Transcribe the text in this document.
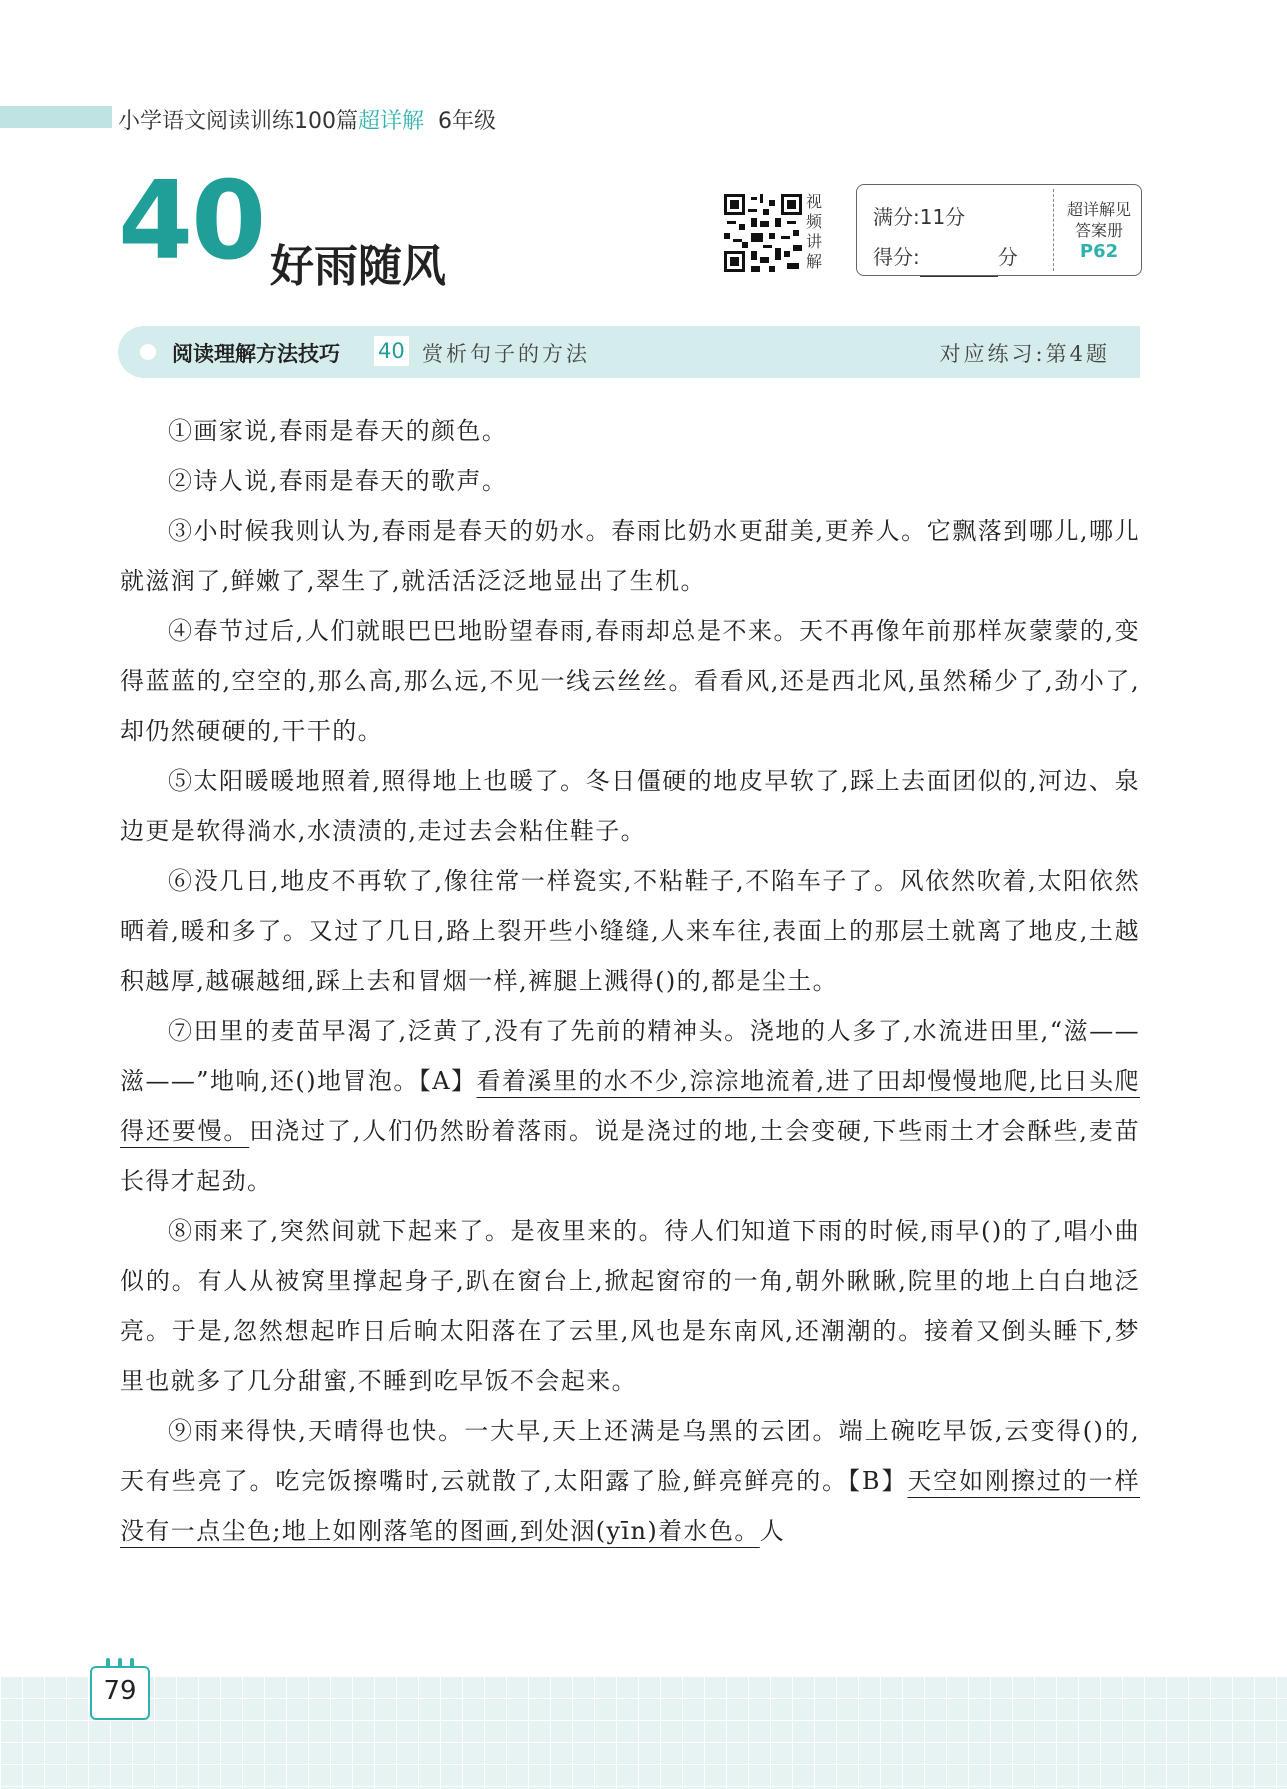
小学语文阅读训练100篇超详解 6年级
40 好雨随风
视
频
讲
解
满分:11分
得分:	分
超详解见
答案册
P62
阅读理解方法技巧 40 赏析句子的方法	对应练习:第4题

①画家说,春雨是春天的颜色。

②诗人说,春雨是春天的歌声。

③小时候我则认为,春雨是春天的奶水。春雨比奶水更甜美,更养人。它飘落到哪儿,哪儿就滋润了,鲜嫩了,翠生了,就活活泛泛地显出了生机。

④春节过后,人们就眼巴巴地盼望春雨,春雨却总是不来。天不再像年前那样灰蒙蒙的,变得蓝蓝的,空空的,那么高,那么远,不见一线云丝丝。看看风,还是西北风,虽然稀少了,劲小了,却仍然硬硬的,干干的。

⑤太阳暖暖地照着,照得地上也暖了。冬日僵硬的地皮早软了,踩上去面团似的,河边、泉边更是软得淌水,水渍渍的,走过去会粘住鞋子。

⑥没几日,地皮不再软了,像往常一样瓷实,不粘鞋子,不陷车子了。风依然吹着,太阳依然晒着,暖和多了。又过了几日,路上裂开些小缝缝,人来车往,表面上的那层土就离了地皮,土越积越厚,越碾越细,踩上去和冒烟一样,裤腿上溅得()的,都是尘土。

⑦田里的麦苗早渴了,泛黄了,没有了先前的精神头。浇地的人多了,水流进田里,“滋——滋——”地响,还()地冒泡。【A】看着溪里的水不少,淙淙地流着,进了田却慢慢地爬,比日头爬得还要慢。田浇过了,人们仍然盼着落雨。说是浇过的地,土会变硬,下些雨土才会酥些,麦苗长得才起劲。

⑧雨来了,突然间就下起来了。是夜里来的。待人们知道下雨的时候,雨早()的了,唱小曲似的。有人从被窝里撑起身子,趴在窗台上,掀起窗帘的一角,朝外瞅瞅,院里的地上白白地泛亮。于是,忽然想起昨日后晌太阳落在了云里,风也是东南风,还潮潮的。接着又倒头睡下,梦里也就多了几分甜蜜,不睡到吃早饭不会起来。

⑨雨来得快,天晴得也快。一大早,天上还满是乌黑的云团。端上碗吃早饭,云变得()的,天有些亮了。吃完饭擦嘴时,云就散了,太阳露了脸,鲜亮鲜亮的。【B】天空如刚擦过的一样没有一点尘色;地上如刚落笔的图画,到处洇(yīn)着水色。人

79
